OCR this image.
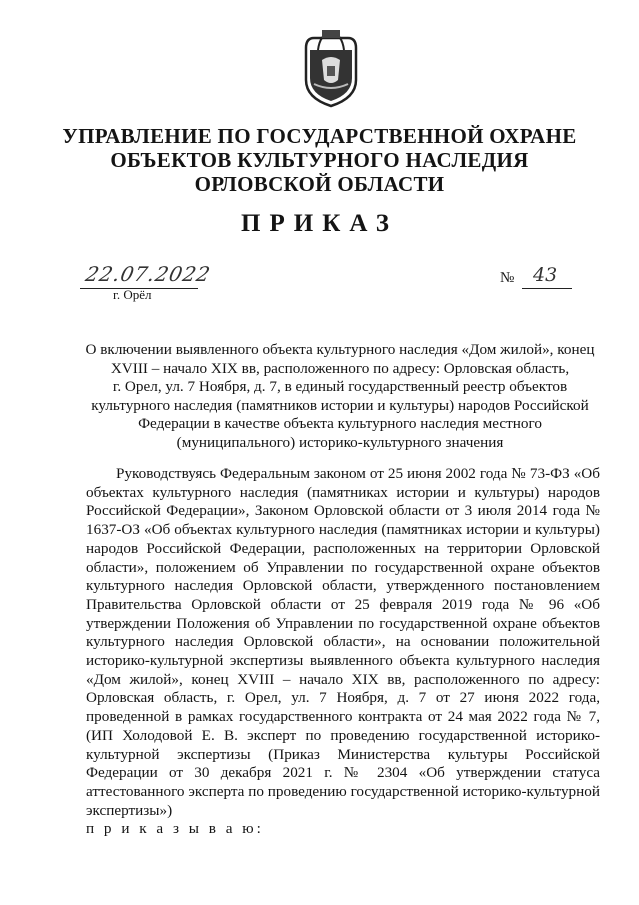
УПРАВЛЕНИЕ ПО ГОСУДАРСТВЕННОЙ ОХРАНЕ
ОБЪЕКТОВ КУЛЬТУРНОГО НАСЛЕДИЯ
ОРЛОВСКОЙ ОБЛАСТИ
ПРИКАЗ
22.07.2022
г. Орёл
№ 43
О включении выявленного объекта культурного наследия «Дом жилой», конец
XVIII – начало XIX вв, расположенного по адресу: Орловская область,
г. Орел, ул. 7 Ноября, д. 7, в единый государственный реестр объектов
культурного наследия (памятников истории и культуры) народов Российской
Федерации в качестве объекта культурного наследия местного
(муниципального) историко-культурного значения

Руководствуясь Федеральным законом от 25 июня 2002 года № 73-ФЗ «Об объектах культурного наследия (памятниках истории и культуры) народов Российской Федерации», Законом Орловской области от 3 июля 2014 года № 1637-ОЗ «Об объектах культурного наследия (памятниках истории и культуры) народов Российской Федерации, расположенных на территории Орловской области», положением об Управлении по государственной охране объектов культурного наследия Орловской области, утвержденного постановлением Правительства Орловской области от 25 февраля 2019 года № 96 «Об утверждении Положения об Управлении по государственной охране объектов культурного наследия Орловской области», на основании положительной историко-культурной экспертизы выявленного объекта культурного наследия «Дом жилой», конец XVIII – начало XIX вв, расположенного по адресу: Орловская область, г. Орел, ул. 7 Ноября, д. 7 от 27 июня 2022 года, проведенной в рамках государственного контракта от 24 мая 2022 года № 7, (ИП Холодовой Е. В. эксперт по проведению государственной историко-культурной экспертизы (Приказ Министерства культуры Российской Федерации от 30 декабря 2021 г. № 2304 «Об утверждении статуса аттестованного эксперта по проведению государственной историко-культурной экспертизы»)
п р и к а з ы в а ю:
